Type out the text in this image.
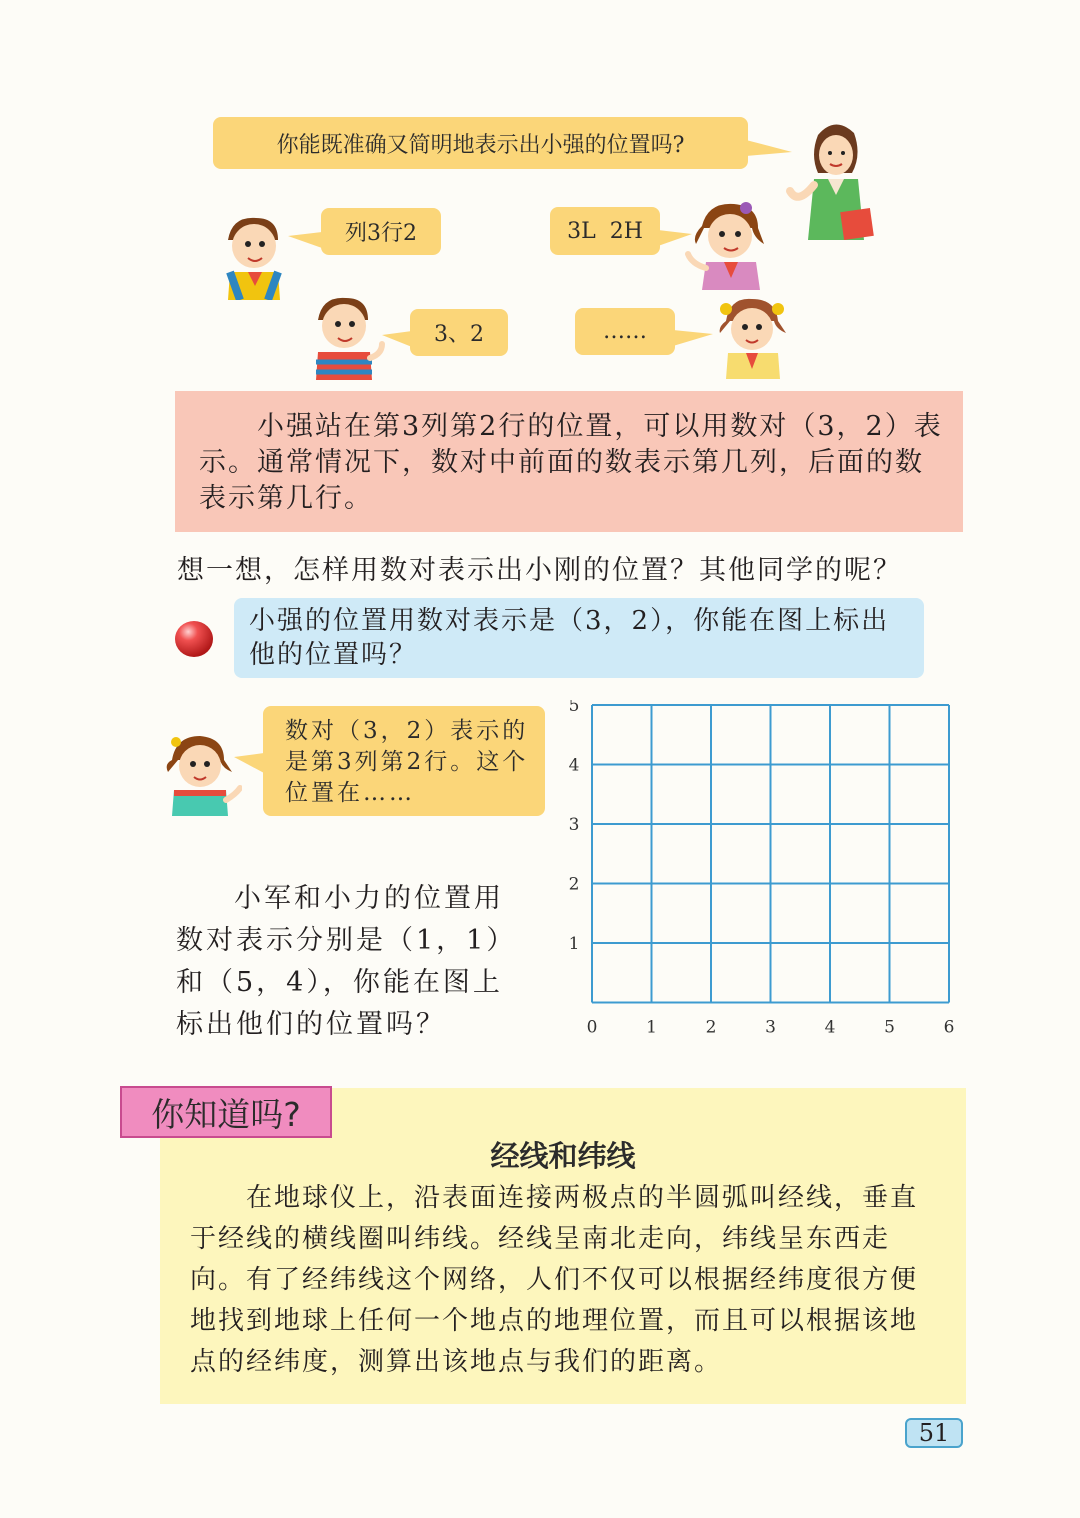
你能既准确又简明地表示出小强的位置吗?
列3行2	3L  2H
3、2	……

小强站在第3列第2行的位置，可以用数对（3，2）表示。通常情况下，数对中前面的数表示第几列，后面的数表示第几行。

想一想，怎样用数对表示出小刚的位置？其他同学的呢？

小强的位置用数对表示是（3，2），你能在图上标出他的位置吗？

数对（3，2）表示的是第3列第2行。这个位置在……
小军和小力的位置用数对表示分别是（1，1）和（5，4），你能在图上标出他们的位置吗？	0	1	2	3	4	5	6
1
2
3
4
5
你知道吗?
经线和纬线

在地球仪上，沿表面连接两极点的半圆弧叫经线，垂直于经线的横线圈叫纬线。经线呈南北走向，纬线呈东西走向。有了经纬线这个网络，人们不仅可以根据经纬度很方便地找到地球上任何一个地点的地理位置，而且可以根据该地点的经纬度，测算出该地点与我们的距离。

51
